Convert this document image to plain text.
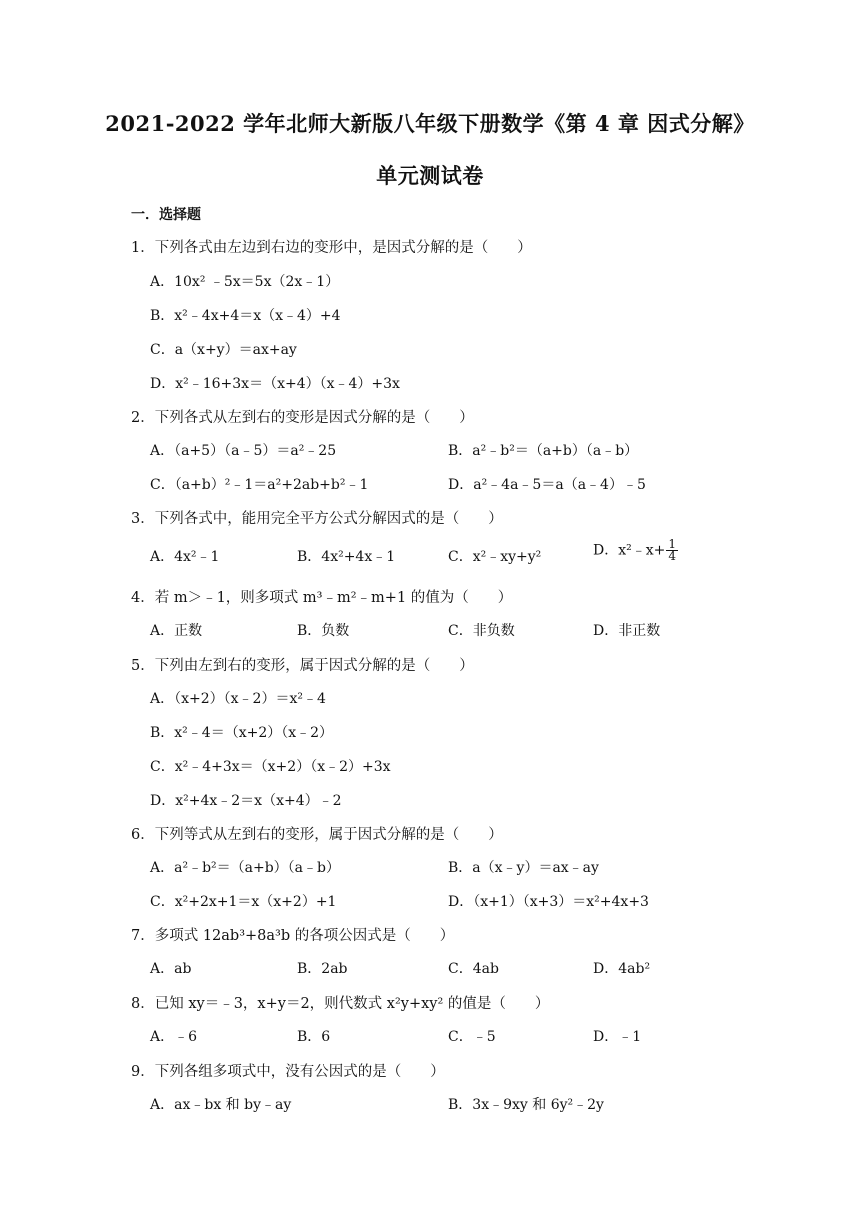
2021-2022 学年北师大新版八年级下册数学《第 4 章 因式分解》
单元测试卷
一．选择题
1．下列各式由左边到右边的变形中，是因式分解的是（　　）
A．10x² ﹣5x＝5x（2x﹣1）
B．x²﹣4x+4＝x（x﹣4）+4
C．a（x+y）＝ax+ay
D．x²﹣16+3x＝（x+4）（x﹣4）+3x
2．下列各式从左到右的变形是因式分解的是（　　）
A．（a+5）（a﹣5）＝a²﹣25	B．a²﹣b²＝（a+b）（a﹣b）
C．（a+b）²﹣1＝a²+2ab+b²﹣1	D．a²﹣4a﹣5＝a（a﹣4）﹣5
3．下列各式中，能用完全平方公式分解因式的是（　　）
A．4x²﹣1	B．4x²+4x﹣1	C．x²﹣xy+y²	D．x²﹣x+ $\frac{1}{4}$
4．若 m＞﹣1，则多项式 m³﹣m²﹣m+1 的值为（　　）
A．正数	B．负数	C．非负数	D．非正数
5．下列由左到右的变形，属于因式分解的是（　　）
A．（x+2）（x﹣2）＝x²﹣4
B．x²﹣4＝（x+2）（x﹣2）
C．x²﹣4+3x＝（x+2）（x﹣2）+3x
D．x²+4x﹣2＝x（x+4）﹣2
6．下列等式从左到右的变形，属于因式分解的是（　　）
A．a²﹣b²＝（a+b）（a﹣b）	B．a（x﹣y）＝ax﹣ay
C．x²+2x+1＝x（x+2）+1	D．（x+1）（x+3）＝x²+4x+3
7．多项式 12ab³+8a³b 的各项公因式是（　　）
A．ab	B．2ab	C．4ab	D．4ab²
8．已知 xy＝﹣3，x+y＝2，则代数式 x²y+xy² 的值是（　　）
A．﹣6	B．6	C．﹣5	D．﹣1
9．下列各组多项式中，没有公因式的是（　　）
A．ax﹣bx 和 by﹣ay	B．3x﹣9xy 和 6y²﹣2y
